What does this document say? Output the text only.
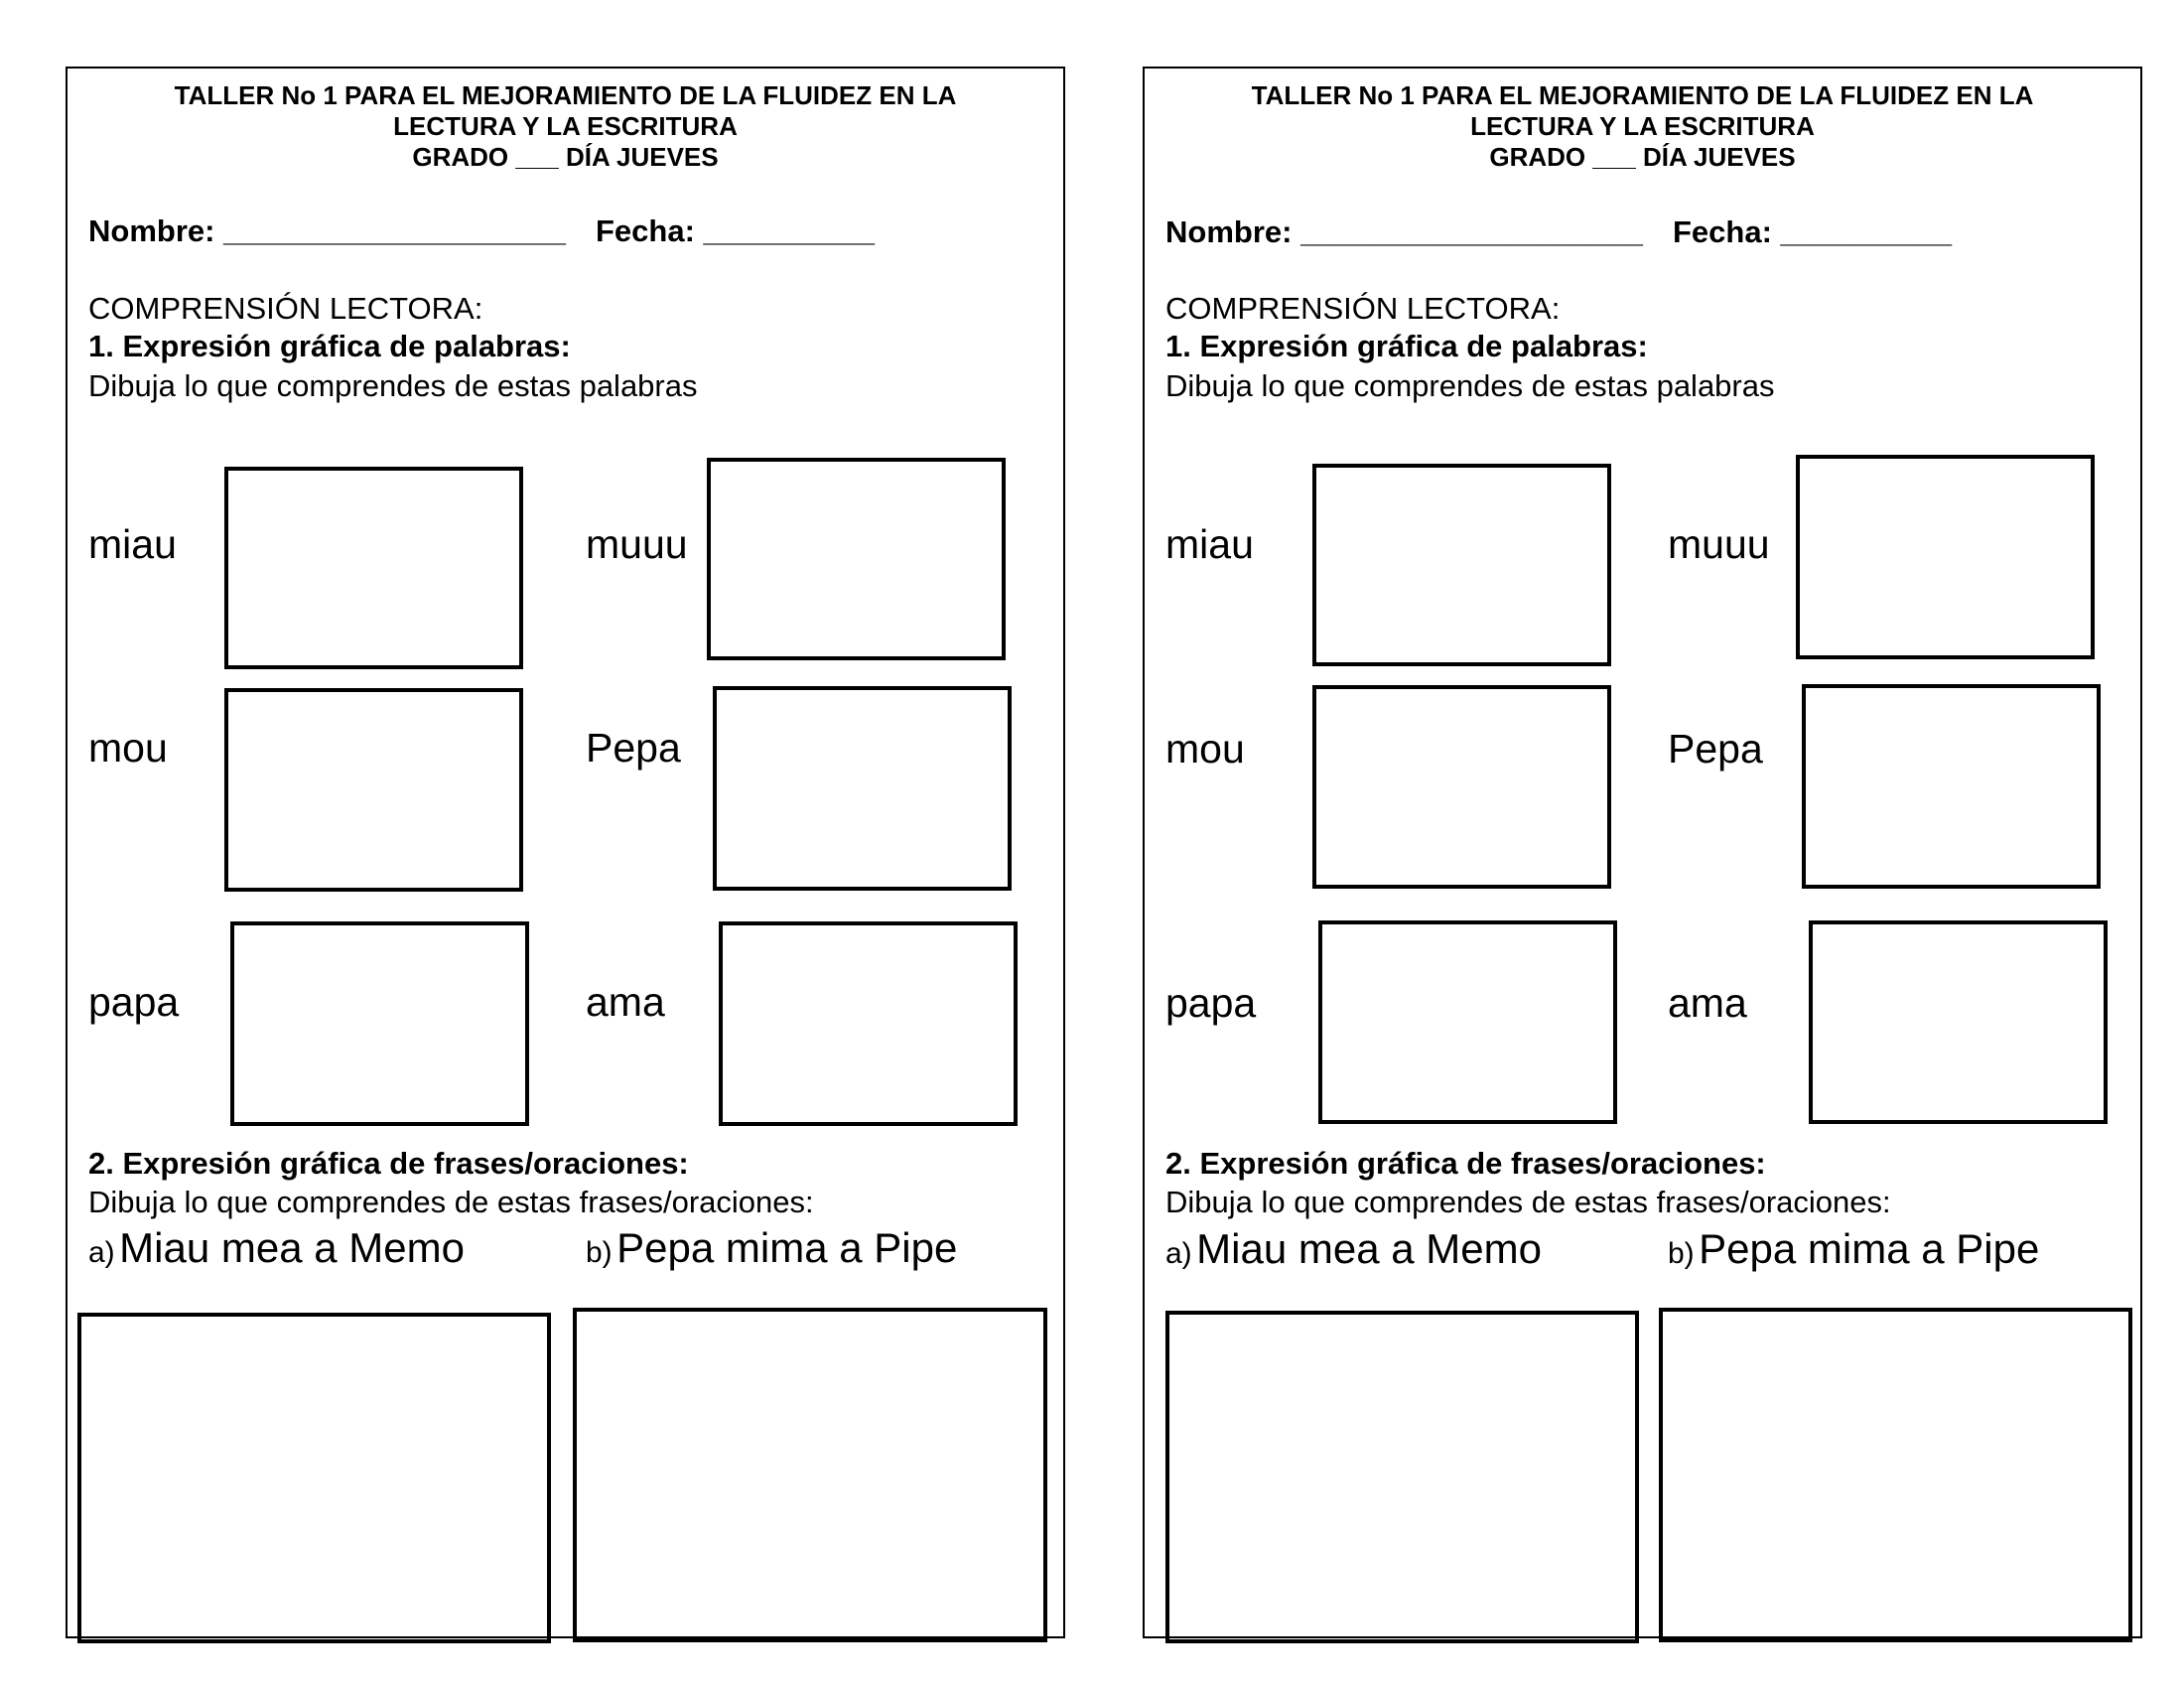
TALLER No 1 PARA EL MEJORAMIENTO DE LA FLUIDEZ EN LA
LECTURA Y LA ESCRITURA
GRADO ___ DÍA JUEVES
Nombre: ____________________ Fecha: __________
COMPRENSIÓN LECTORA:
1. Expresión gráfica de palabras:
Dibuja lo que comprendes de estas palabras
miau	muuu
mou	Pepa
papa	ama
2. Expresión gráfica de frases/oraciones:
Dibuja lo que comprendes de estas frases/oraciones:
a) Miau mea a Memo	b) Pepa mima a Pipe
TALLER No 1 PARA EL MEJORAMIENTO DE LA FLUIDEZ EN LA
LECTURA Y LA ESCRITURA
GRADO ___ DÍA JUEVES
Nombre: ____________________ Fecha: __________
COMPRENSIÓN LECTORA:
1. Expresión gráfica de palabras:
Dibuja lo que comprendes de estas palabras
miau	muuu
mou	Pepa
papa	ama
2. Expresión gráfica de frases/oraciones:
Dibuja lo que comprendes de estas frases/oraciones:
a) Miau mea a Memo	b) Pepa mima a Pipe
